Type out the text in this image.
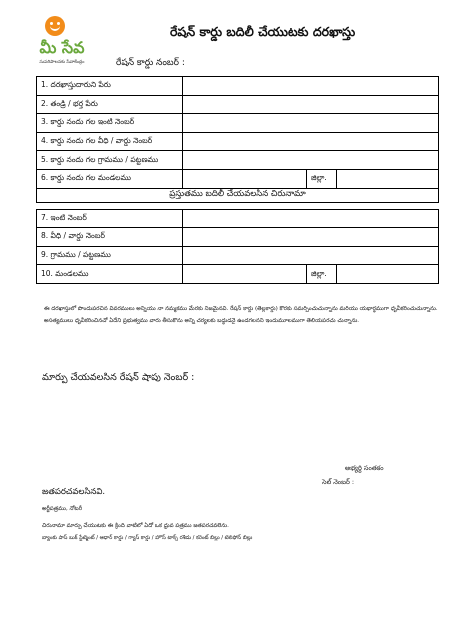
మీ సేవ
సుపరిపాలనకు సేవాకేంద్రం
రేషన్ కార్డు బదిలీ చేయుటకు దరఖాస్తు
రేషన్ కార్డు నంబర్ :
1. దరఖాస్తుదారుని పేరు			
2. తండ్రి / భర్త పేరు			
3. కార్డు నందు గల ఇంటి నెంబర్			
4. కార్డు నందు గల వీధి / వార్డు నెంబర్			
5. కార్డు నందు గల గ్రామము / పట్టణము			
6. కార్డు నందు గల మండలము		జిల్లా.	
ప్రస్తుతము బదిలీ చేయవలసిన చిరునామా			

7. ఇంటి నెంబర్			
8. వీధి / వార్డు నెంబర్			
9. గ్రామము / పట్టణము			
10. మండలము		జిల్లా.	
ఈ దరఖాస్తులో పొందుపరచిన వివరములు అన్నియు నా నమ్మకము మేరకు నిజమైనవి. రేషన్ కార్డు (తెల్లకార్డు) కొరకు సమర్పించుచున్నాను మరియు యథార్థముగా ధృవీకరించుచున్నాను.
అసత్యములు ధృవీకరించినచో ఏదేని ప్రభుత్వము వారు తీసుకొను అన్ని చర్యలకు బద్ధుడనై ఉండగలనని ఇందుమూలముగా తెలియపరచు చున్నాను.
మార్పు చేయవలసిన రేషన్ షాపు నెంబర్ :
అభ్యర్థి సంతకం
సెల్ నెంబర్ :
జతపరచవలసినవి.
అర్జీపత్రము, నోటరీ
చిరునామా మార్పు చేయుటకు ఈ క్రింది వాటిలో ఏదో ఒక ధ్రువ పత్రము జతపరచవలెను.
బ్యాంకు పాస్ బుక్ స్టేట్మెంట్ / ఆధార్ కార్డు / గ్యాస్ కార్డు / హౌస్ టాక్స్ రశీదు / కరెంట్ బిల్లు / టెలిఫోన్ బిల్లు
